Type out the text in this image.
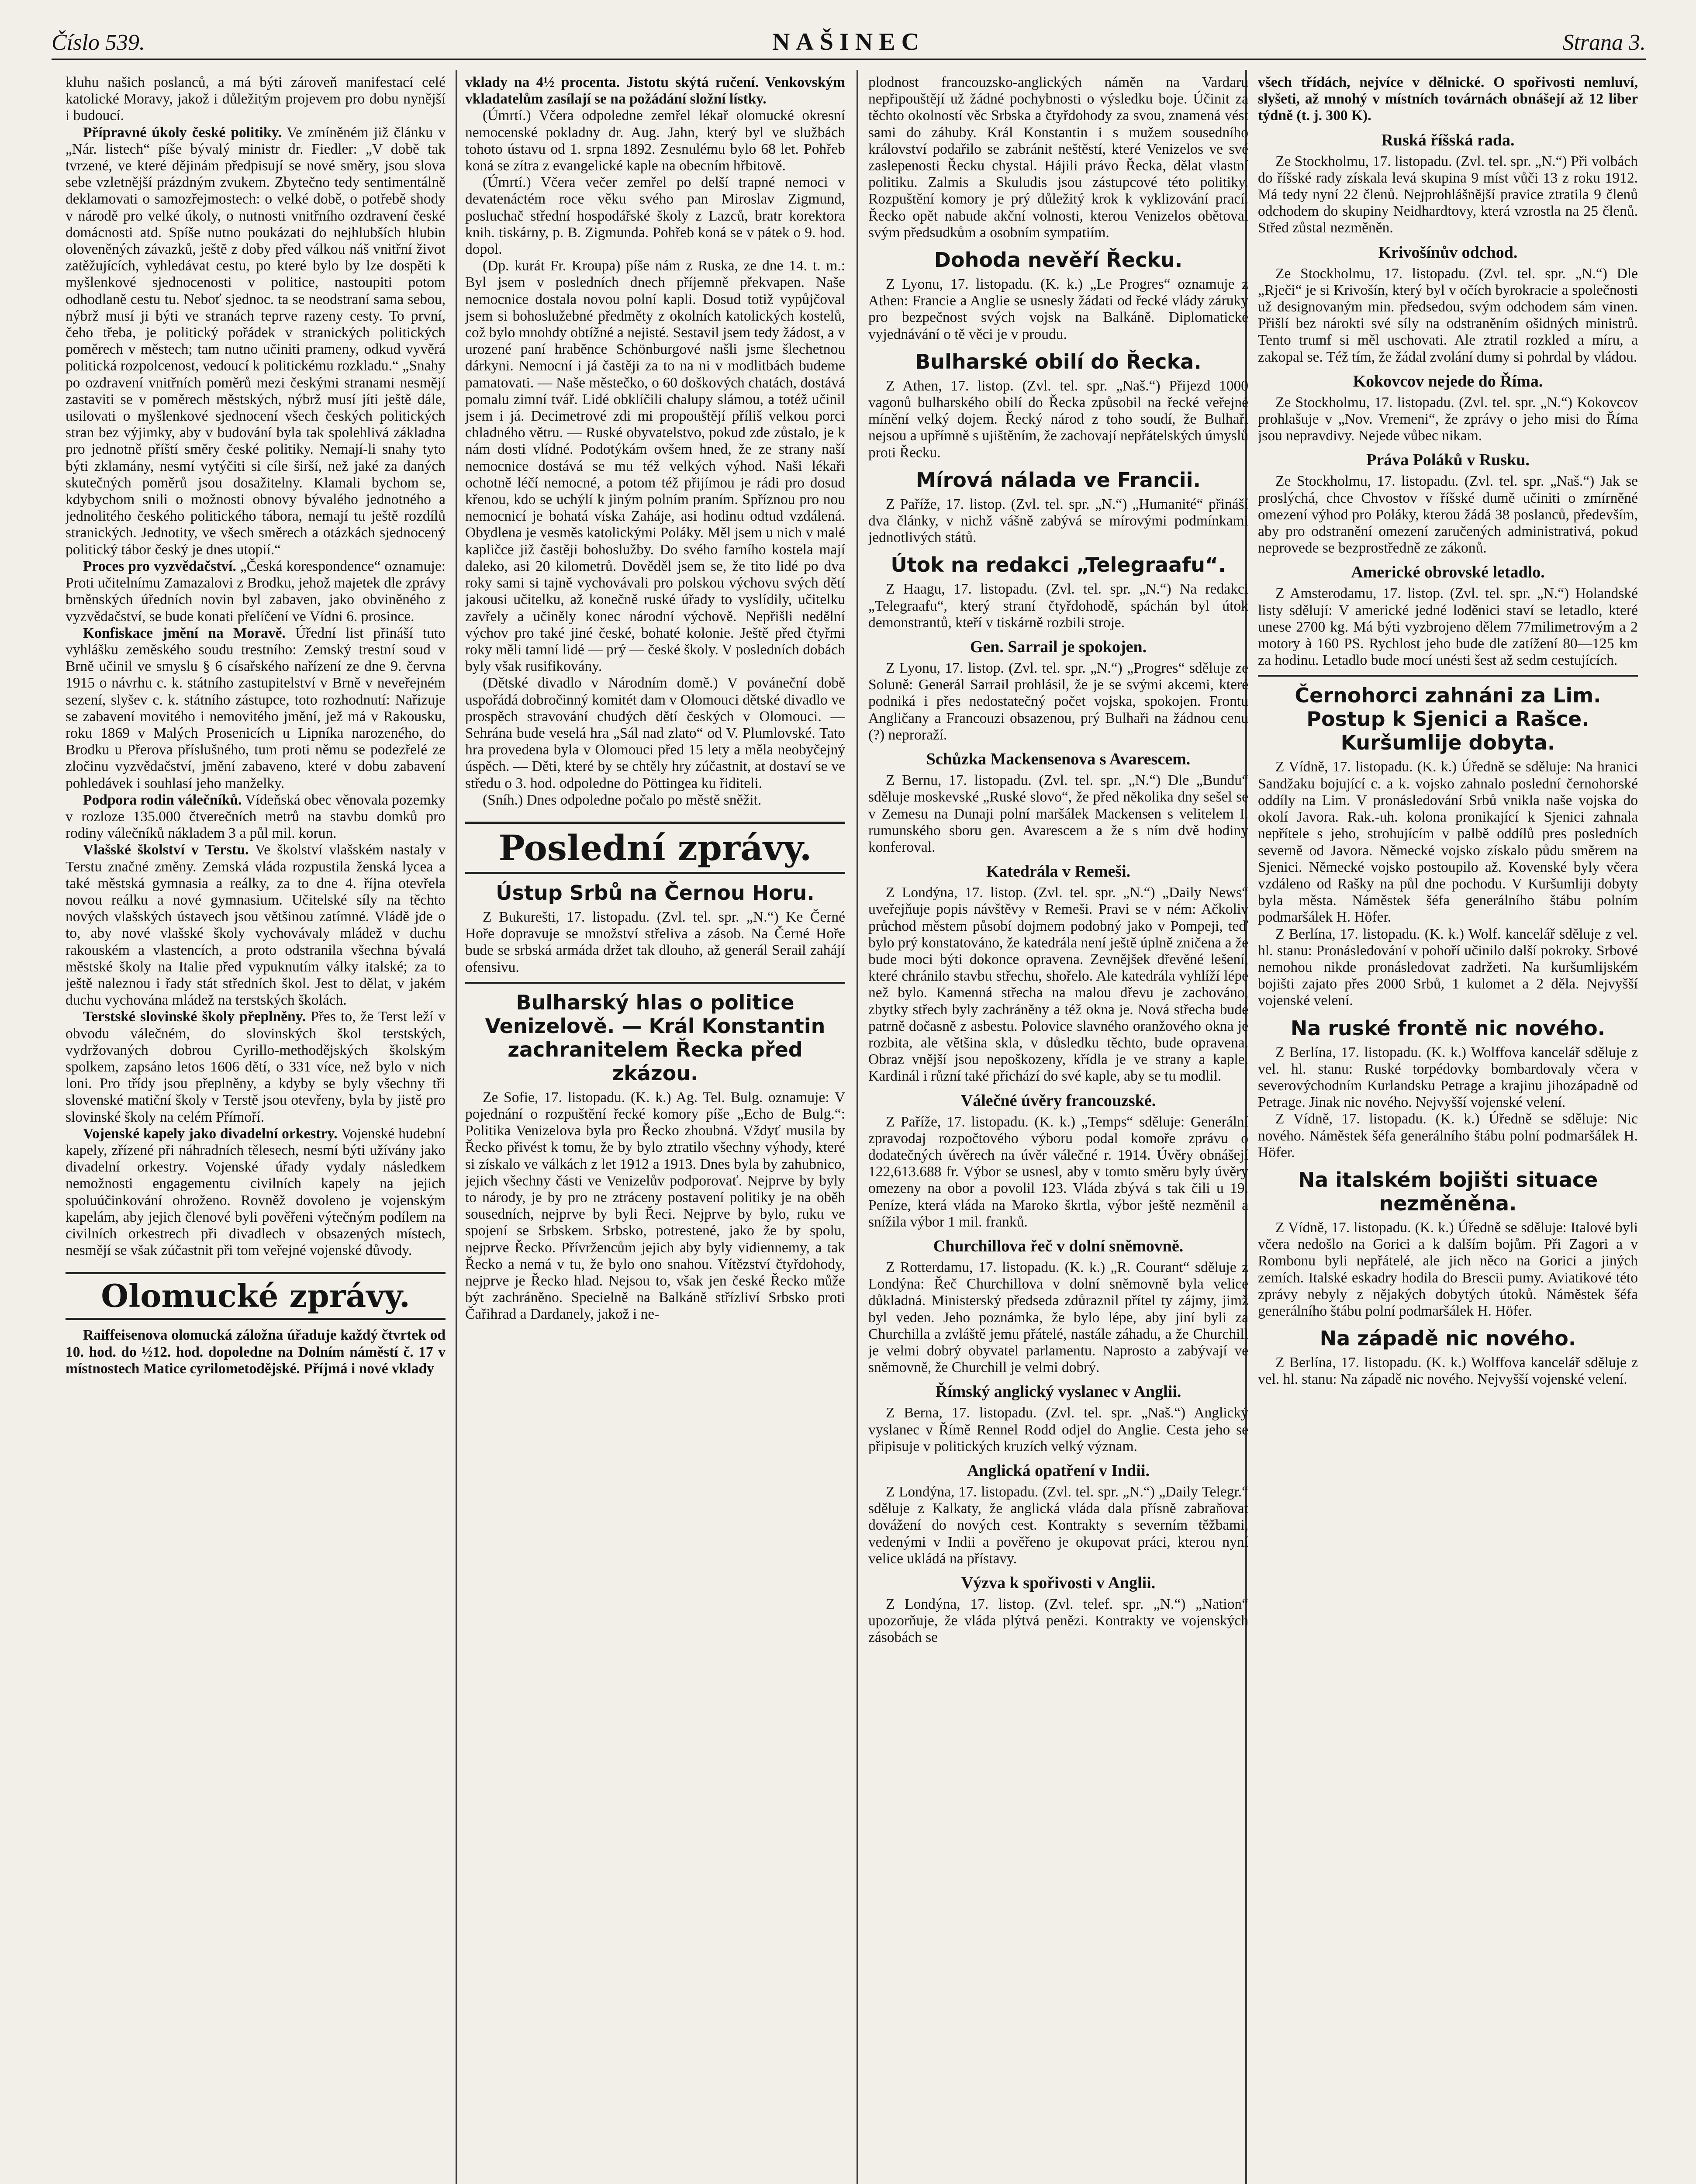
Číslo 539.	NAŠINEC	Strana 3.

kluhu našich poslanců, a má býti zároveň manifestací celé katolické Moravy, jakož i důležitým projevem pro dobu nynější i budoucí.

Přípravné úkoly české politiky. Ve zmíněném již článku v „Nár. listech“ píše bývalý ministr dr. Fiedler: „V době tak tvrzené, ve které dějinám předpisují se nové směry, jsou slova sebe vzletnější prázdným zvukem. Zbytečno tedy sentimentálně deklamovati o samozřejmostech: o velké době, o potřebě shody v národě pro velké úkoly, o nutnosti vnitřního ozdravení české domácnosti atd. Spíše nutno poukázati do nejhlubších hlubin oloveněných závazků, ještě z doby před válkou náš vnitřní život zatěžujících, vyhledávat cestu, po které bylo by lze dospěti k myšlenkové sjednocenosti v politice, nastoupiti potom odhodlaně cestu tu. Neboť sjednoc. ta se neodstraní sama sebou, nýbrž musí ji býti ve stranách teprve razeny cesty. To první, čeho třeba, je politický pořádek v stranických politických poměrech v městech; tam nutno učiniti prameny, odkud vyvěrá politická rozpolcenost, vedoucí k politickému rozkladu.“ „Snahy po ozdravení vnitřních poměrů mezi českými stranami nesmějí zastaviti se v poměrech městských, nýbrž musí jíti ještě dále, usilovati o myšlenkové sjednocení všech českých politických stran bez výjimky, aby v budování byla tak spolehlivá základna pro jednotně příští směry české politiky. Nemají-li snahy tyto býti zklamány, nesmí vytýčiti si cíle širší, než jaké za daných skutečných poměrů jsou dosažitelny. Klamali bychom se, kdybychom snili o možnosti obnovy bývalého jednotného a jednolitého českého politického tábora, nemají tu ještě rozdílů stranických. Jednotity, ve všech směrech a otázkách sjednocený politický tábor český je dnes utopií.“

Proces pro vyzvědačství. „Česká korespondence“ oznamuje: Proti učitelnímu Zamazalovi z Brodku, jehož majetek dle zprávy brněnských úředních novin byl zabaven, jako obviněného z vyzvědačství, se bude konati přelíčení ve Vídni 6. prosince.

Konfiskace jmění na Moravě. Úřední list přináší tuto vyhlášku zeměského soudu trestního: Zemský trestní soud v Brně učinil ve smyslu § 6 císařského nařízení ze dne 9. června 1915 o návrhu c. k. státního zastupitelství v Brně v neveřejném sezení, slyšev c. k. státního zástupce, toto rozhodnutí: Nařizuje se zabavení movitého i nemovitého jmění, jež má v Rakousku, roku 1869 v Malých Prosenicích u Lipníka narozeného, do Brodku u Přerova příslušného, tum proti němu se podezřelé ze zločinu vyzvědačství, jmění zabaveno, které v dobu zabavení pohledávek i souhlasí jeho manželky.

Podpora rodin válečníků. Vídeňská obec věnovala pozemky v rozloze 135.000 čtverečních metrů na stavbu domků pro rodiny válečníků nákladem 3 a půl mil. korun.

Vlašské školství v Terstu. Ve školství vlašském nastaly v Terstu značné změny. Zemská vláda rozpustila ženská lycea a také městská gymnasia a reálky, za to dne 4. října otevřela novou reálku a nové gymnasium. Učitelské síly na těchto nových vlašských ústavech jsou většinou zatímné. Vládě jde o to, aby nové vlašské školy vychovávaly mládež v duchu rakouském a vlastencích, a proto odstranila všechna bývalá městské školy na Italie před vypuknutím války italské; za to ještě naleznou i řady stát středních škol. Jest to dělat, v jakém duchu vychována mládež na terstských školách.

Terstské slovinské školy přeplněny. Přes to, že Terst leží v obvodu válečném, do slovinských škol terstských, vydržovaných dobrou Cyrillo-methodějských školským spolkem, zapsáno letos 1606 dětí, o 331 více, než bylo v nich loni. Pro třídy jsou přeplněny, a kdyby se byly všechny tři slovenské matiční školy v Terstě jsou otevřeny, byla by jistě pro slovinské školy na celém Přímoří.

Vojenské kapely jako divadelní orkestry. Vojenské hudební kapely, zřízené při náhradních tělesech, nesmí býti užívány jako divadelní orkestry. Vojenské úřady vydaly následkem nemožnosti engagementu civilních kapely na jejich spoluúčinkování ohroženo. Rovněž dovoleno je vojenským kapelám, aby jejich členové byli pověřeni výtečným podílem na civilních orkestrech při divadlech v obsazených místech, nesmějí se však zúčastnit při tom veřejné vojenské důvody.

Olomucké zprávy.

Raiffeisenova olomucká záložna úřaduje každý čtvrtek od 10. hod. do ½12. hod. dopoledne na Dolním náměstí č. 17 v místnostech Matice cyrilometodějské. Příjmá i nové vklady

vklady na 4½ procenta. Jistotu skýtá ručení. Venkovským vkladatelům zasílají se na požádání složní lístky.

(Úmrtí.) Včera odpoledne zemřel lékař olomucké okresní nemocenské pokladny dr. Aug. Jahn, který byl ve službách tohoto ústavu od 1. srpna 1892. Zesnulému bylo 68 let. Pohřeb koná se zítra z evangelické kaple na obecním hřbitově.

(Úmrtí.) Včera večer zemřel po delší trapné nemoci v devatenáctém roce věku svého pan Miroslav Zigmund, posluchač střední hospodářské školy z Lazců, bratr korektora knih. tiskárny, p. B. Zigmunda. Pohřeb koná se v pátek o 9. hod. dopol.

(Dp. kurát Fr. Kroupa) píše nám z Ruska, ze dne 14. t. m.: Byl jsem v posledních dnech příjemně překvapen. Naše nemocnice dostala novou polní kapli. Dosud totiž vypůjčoval jsem si bohoslužebné předměty z okolních katolických kostelů, což bylo mnohdy obtížné a nejisté. Sestavil jsem tedy žádost, a v urozené paní hraběnce Schönburgové našli jsme šlechetnou dárkyni. Nemocní i já častěji za to na ni v modlitbách budeme pamatovati. — Naše městečko, o 60 doškových chatách, dostává pomalu zimní tvář. Lidé obklíčili chalupy slámou, a totéž učinil jsem i já. Decimetrové zdi mi propouštějí příliš velkou porci chladného větru. — Ruské obyvatelstvo, pokud zde zůstalo, je k nám dosti vlídné. Podotýkám ovšem hned, že ze strany naší nemocnice dostává se mu též velkých výhod. Naši lékaři ochotně léčí nemocné, a potom též přijímou je rádi pro dosud křenou, kdo se uchýlí k jiným polním praním. Spříznou pro nou nemocnicí je bohatá víska Zaháje, asi hodinu odtud vzdálená. Obydlena je vesměs katolickými Poláky. Měl jsem u nich v malé kapličce již častěji bohoslužby. Do svého farního kostela mají daleko, asi 20 kilometrů. Dověděl jsem se, že tito lidé po dva roky sami si tajně vychovávali pro polskou výchovu svých dětí jakousi učitelku, až konečně ruské úřady to vyslídily, učitelku zavřely a učiněly konec národní výchově. Nepřišli nedělní výchov pro také jiné české, bohaté kolonie. Ještě před čtyřmi roky měli tamní lidé — prý — české školy. V posledních dobách byly však rusifikovány.

(Dětské divadlo v Národním domě.) V pováneční době uspořádá dobročinný komitét dam v Olomouci dětské divadlo ve prospěch stravování chudých dětí českých v Olomouci. — Sehrána bude veselá hra „Sál nad zlato“ od V. Plumlovské. Tato hra provedena byla v Olomouci před 15 lety a měla neobyčejný úspěch. — Děti, které by se chtěly hry zúčastnit, at dostaví se ve středu o 3. hod. odpoledne do Pöttingea ku řiditeli.

(Sníh.) Dnes odpoledne počalo po městě sněžit.

Poslední zprávy.
Ústup Srbů na Černou Horu.

Z Bukurešti, 17. listopadu. (Zvl. tel. spr. „N.“) Ke Černé Hoře dopravuje se množství střeliva a zásob. Na Černé Hoře bude se srbská armáda držet tak dlouho, až generál Serail zahájí ofensivu.

Bulharský hlas o politice Venizelově. — Král Konstantin zachranitelem Řecka před zkázou.

Ze Sofie, 17. listopadu. (K. k.) Ag. Tel. Bulg. oznamuje: V pojednání o rozpuštění řecké komory píše „Echo de Bulg.“: Politika Venizelova byla pro Řecko zhoubná. Vždyť musila by Řecko přivést k tomu, že by bylo ztratilo všechny výhody, které si získalo ve válkách z let 1912 a 1913. Dnes byla by zahubnico, jejich všechny části ve Venizelův podporovať. Nejprve by byly to národy, je by pro ne ztráceny postavení politiky je na oběh sousedních, nejprve by byli Řeci. Nejprve by bylo, ruku ve spojení se Srbskem. Srbsko, potrestené, jako že by spolu, nejprve Řecko. Přívržencům jejich aby byly vidiennemy, a tak Řecko a nemá v tu, že bylo ono snahou. Vítězství čtyřdohody, nejprve je Řecko hlad. Nejsou to, však jen české Řecko může být zachráněno. Specielně na Balkáně střízliví Srbsko proti Čařihrad a Dardanely, jakož i ne-

plodnost francouzsko-anglických náměn na Vardaru nepřipouštějí už žádné pochybnosti o výsledku boje. Účinit za těchto okolností věc Srbska a čtyřdohody za svou, znamená vést sami do záhuby. Král Konstantin i s mužem sousedního království podařilo se zabránit neštěstí, které Venizelos ve své zaslepenosti Řecku chystal. Hájili právo Řecka, dělat vlastní politiku. Zalmis a Skuludis jsou zástupcové této politiky. Rozpuštění komory je prý důležitý krok k vyklizování prací. Řecko opět nabude akční volnosti, kterou Venizelos obětoval svým předsudkům a osobním sympatiím.

Dohoda nevěří Řecku.

Z Lyonu, 17. listopadu. (K. k.) „Le Progres“ oznamuje z Athen: Francie a Anglie se usnesly žádati od řecké vlády záruky pro bezpečnost svých vojsk na Balkáně. Diplomatické vyjednávání o tě věci je v proudu.

Bulharské obilí do Řecka.

Z Athen, 17. listop. (Zvl. tel. spr. „Naš.“) Přijezd 1000 vagonů bulharského obilí do Řecka způsobil na řecké veřejné mínění velký dojem. Řecký národ z toho soudí, že Bulhaři nejsou a upřímně s ujištěním, že zachovají nepřátelských úmyslů proti Řecku.

Mírová nálada ve Francii.

Z Paříže, 17. listop. (Zvl. tel. spr. „N.“) „Humanité“ přináší dva články, v nichž vášně zabývá se mírovými podmínkami jednotlivých států.

Útok na redakci „Telegraafu“.

Z Haagu, 17. listopadu. (Zvl. tel. spr. „N.“) Na redakci „Telegraafu“, který straní čtyřdohodě, spáchán byl útok demonstrantů, kteří v tiskárně rozbili stroje.

Gen. Sarrail je spokojen.

Z Lyonu, 17. listop. (Zvl. tel. spr. „N.“) „Progres“ sděluje ze Soluně: Generál Sarrail prohlásil, že je se svými akcemi, které podniká i přes nedostatečný počet vojska, spokojen. Frontu Angličany a Francouzi obsazenou, prý Bulhaři na žádnou cenu (?) neproraží.

Schůzka Mackensenova s Avarescem.

Z Bernu, 17. listopadu. (Zvl. tel. spr. „N.“) Dle „Bundu“ sděluje moskevské „Ruské slovo“, že před několika dny sešel se v Zemesu na Dunaji polní maršálek Mackensen s velitelem I. rumunského sboru gen. Avarescem a že s ním dvě hodiny konferoval.

Katedrála v Remeši.

Z Londýna, 17. listop. (Zvl. tel. spr. „N.“) „Daily News“ uveřejňuje popis návštěvy v Remeši. Pravi se v ném: Ačkoliv průchod městem působí dojmem podobný jako v Pompeji, teď bylo prý konstatováno, že katedrála není ještě úplně zničena a že bude moci býti dokonce opravena. Zevnějšek dřevěné lešení, které chránilo stavbu střechu, shořelo. Ale katedrála vyhlíží lépe než bylo. Kamenná střecha na malou dřevu je zachováno, zbytky střech byly zachráněny a též okna je. Nová střecha bude patrně dočasně z asbestu. Polovice slavného oranžového okna je rozbita, ale většina skla, v důsledku těchto, bude opravena. Obraz vnější jsou nepoškozeny, křídla je ve strany a kaple. Kardinál i různí také přichází do své kaple, aby se tu modlil.

Válečné úvěry francouzské.

Z Paříže, 17. listopadu. (K. k.) „Temps“ sděluje: Generální zpravodaj rozpočtového výboru podal komoře zprávu o dodatečných úvěrech na úvěr válečné r. 1914. Úvěry obnášejí 122,613.688 fr. Výbor se usnesl, aby v tomto směru byly úvěry omezeny na obor a povolil 123. Vláda zbývá s tak čili u 19. Peníze, která vláda na Maroko škrtla, výbor ještě nezměnil a snížila výbor 1 mil. franků.

Churchillova řeč v dolní sněmovně.

Z Rotterdamu, 17. listopadu. (K. k.) „R. Courant“ sděluje z Londýna: Řeč Churchillova v dolní sněmovně byla velice důkladná. Ministerský předseda zdůraznil přítel ty zájmy, jimž byl veden. Jeho poznámka, že bylo lépe, aby jiní byli za Churchilla a zvláště jemu přátelé, nastále záhadu, a že Churchill je velmi dobrý obyvatel parlamentu. Naprosto a zabývají ve sněmovně, že Churchill je velmi dobrý.

Římský anglický vyslanec v Anglii.

Z Berna, 17. listopadu. (Zvl. tel. spr. „Naš.“) Anglický vyslanec v Římě Rennel Rodd odjel do Anglie. Cesta jeho se připisuje v politických kruzích velký význam.

Anglická opatření v Indii.

Z Londýna, 17. listopadu. (Zvl. tel. spr. „N.“) „Daily Telegr.“ sděluje z Kalkaty, že anglická vláda dala přísně zabraňovat dovážení do nových cest. Kontrakty s severním těžbami, vedenými v Indii a pověřeno je okupovat práci, kterou nyní velice ukládá na přístavy.

Výzva k spořivosti v Anglii.

Z Londýna, 17. listop. (Zvl. telef. spr. „N.“) „Nation“ upozorňuje, že vláda plýtvá penězi. Kontrakty ve vojenských zásobách se

všech třídách, nejvíce v dělnické. O spořivosti nemluví, slyšeti, až mnohý v místních továrnách obnášejí až 12 liber týdně (t. j. 300 K).

Ruská říšská rada.

Ze Stockholmu, 17. listopadu. (Zvl. tel. spr. „N.“) Při volbách do říšské rady získala levá skupina 9 míst vůči 13 z roku 1912. Má tedy nyní 22 členů. Nejprohlášnější pravice ztratila 9 členů odchodem do skupiny Neidhardtovy, která vzrostla na 25 členů. Střed zůstal nezměněn.

Krivošínův odchod.

Ze Stockholmu, 17. listopadu. (Zvl. tel. spr. „N.“) Dle „Rječi“ je si Krivošín, který byl v očích byrokracie a společnosti už designovaným min. předsedou, svým odchodem sám vinen. Přišlí bez nárokti své síly na odstraněním ošidných ministrů. Tento trumf si měl uschovati. Ale ztratil rozkled a míru, a zakopal se. Též tím, že žádal zvolání dumy si pohrdal by vládou.

Kokovcov nejede do Říma.

Ze Stockholmu, 17. listopadu. (Zvl. tel. spr. „N.“) Kokovcov prohlašuje v „Nov. Vremeni“, že zprávy o jeho misi do Říma jsou nepravdivy. Nejede vůbec nikam.

Práva Poláků v Rusku.

Ze Stockholmu, 17. listopadu. (Zvl. tel. spr. „Naš.“) Jak se proslýchá, chce Chvostov v říšské dumě učiniti o zmírněné omezení výhod pro Poláky, kterou žádá 38 poslanců, především, aby pro odstranění omezení zaručených administrativá, pokud neprovede se bezprostředně ze zákonů.

Americké obrovské letadlo.

Z Amsterodamu, 17. listop. (Zvl. tel. spr. „N.“) Holandské listy sdělují: V americké jedné loděnici staví se letadlo, které unese 2700 kg. Má býti vyzbrojeno dělem 77milimetrovým a 2 motory à 160 PS. Rychlost jeho bude dle zatížení 80—125 km za hodinu. Letadlo bude mocí unésti šest až sedm cestujících.

Černohorci zahnáni za Lim. Postup k Sjenici a Rašce. Kuršumlije dobyta.

Z Vídně, 17. listopadu. (K. k.) Úředně se sděluje: Na hranici Sandžaku bojující c. a k. vojsko zahnalo poslední černohorské oddíly na Lim. V pronásledování Srbů vnikla naše vojska do okolí Javora. Rak.-uh. kolona pronikající k Sjenici zahnala nepřítele s jeho, strohujícím v palbě oddílů pres posledních severně od Javora. Německé vojsko získalo půdu směrem na Sjenici. Německé vojsko postoupilo až. Kovenské byly včera vzdáleno od Rašky na půl dne pochodu. V Kuršumliji dobyty byla města. Náměstek šéfa generálního štábu polním podmaršálek H. Höfer.

Z Berlína, 17. listopadu. (K. k.) Wolf. kancelář sděluje z vel. hl. stanu: Pronásledování v pohoří učinilo další pokroky. Srbové nemohou nikde pronásledovat zadržeti. Na kuršumlijském bojišti zajato přes 2000 Srbů, 1 kulomet a 2 děla. Nejvyšší vojenské velení.

Na ruské frontě nic nového.

Z Berlína, 17. listopadu. (K. k.) Wolffova kancelář sděluje z vel. hl. stanu: Ruské torpédovky bombardovaly včera v severovýchodním Kurlandsku Petrage a krajinu jihozápadně od Petrage. Jinak nic nového. Nejvyšší vojenské velení.

Z Vídně, 17. listopadu. (K. k.) Úředně se sděluje: Nic nového. Náměstek šéfa generálního štábu polní podmaršálek H. Höfer.

Na italském bojišti situace nezměněna.

Z Vídně, 17. listopadu. (K. k.) Úředně se sděluje: Italové byli včera nedošlo na Gorici a k dalším bojům. Při Zagori a v Rombonu byli nepřátelé, ale jich něco na Gorici a jiných zemích. Italské eskadry hodila do Brescii pumy. Aviatikové této zprávy nebyly z nějakých dobytých útoků. Náměstek šéfa generálního štábu polní podmaršálek H. Höfer.

Na západě nic nového.

Z Berlína, 17. listopadu. (K. k.) Wolffova kancelář sděluje z vel. hl. stanu: Na západě nic nového. Nejvyšší vojenské velení.
